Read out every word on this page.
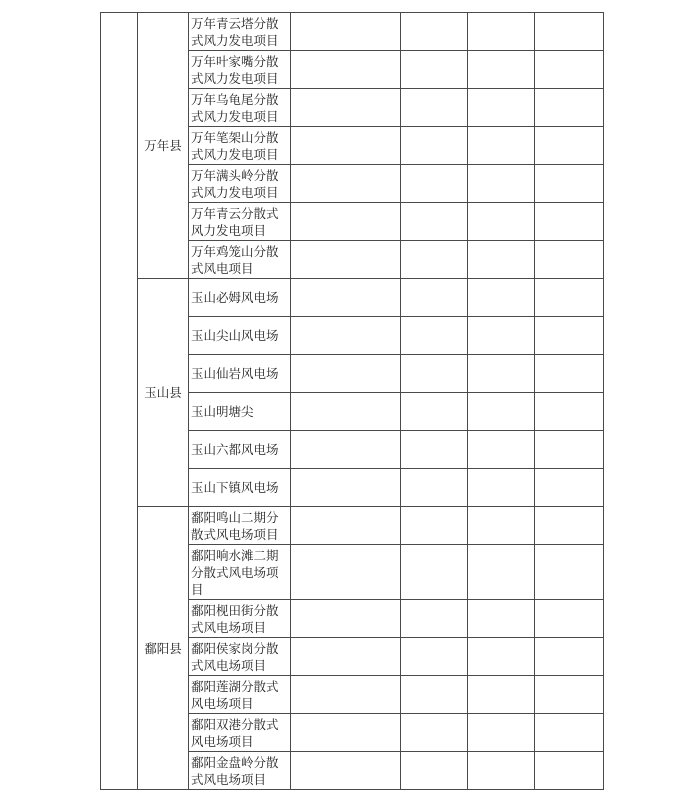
	万年县	万年青云塔分散式风力发电项目				
		万年叶家嘴分散式风力发电项目				
		万年乌龟尾分散式风力发电项目				
		万年笔架山分散式风力发电项目				
		万年满头岭分散式风力发电项目				
		万年青云分散式风力发电项目				
		万年鸡笼山分散式风电项目				
	玉山县	玉山必姆风电场				
		玉山尖山风电场				
		玉山仙岩风电场				
		玉山明塘尖				
		玉山六都风电场				
		玉山下镇风电场				
	鄱阳县	鄱阳鸣山二期分散式风电场项目				
		鄱阳响水滩二期分散式风电场项目				
		鄱阳枧田街分散式风电场项目				
		鄱阳侯家岗分散式风电场项目				
		鄱阳莲湖分散式风电场项目				
		鄱阳双港分散式风电场项目				
		鄱阳金盘岭分散式风电场项目				
